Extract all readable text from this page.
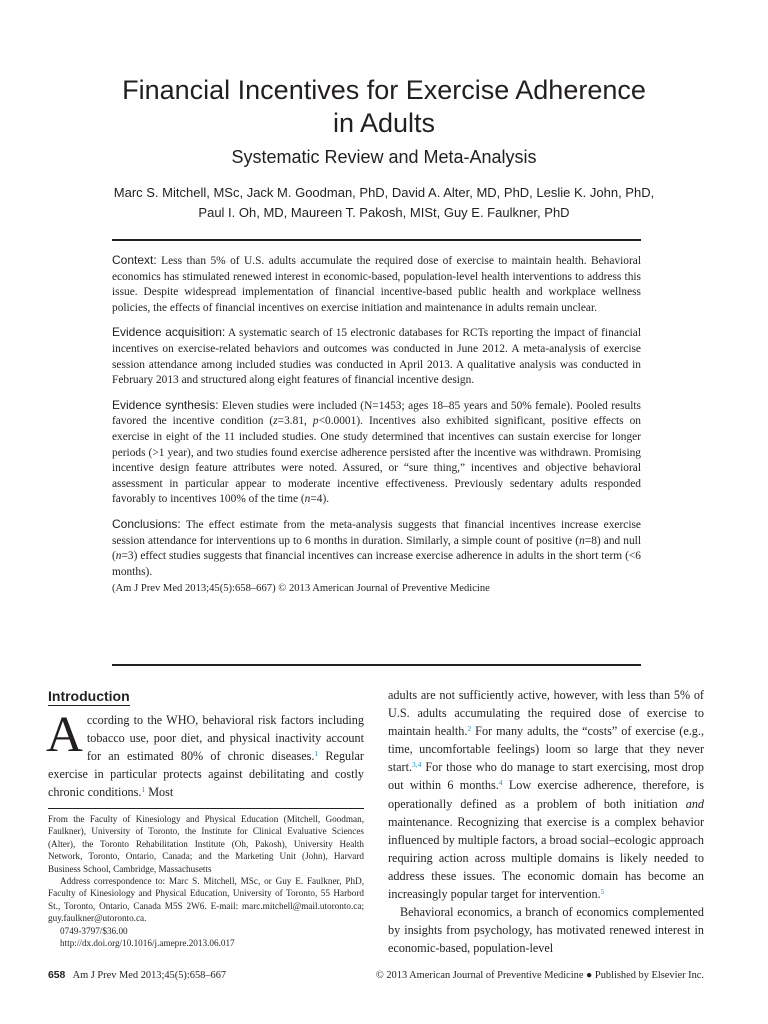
Financial Incentives for Exercise Adherence
in Adults
Systematic Review and Meta-Analysis
Marc S. Mitchell, MSc, Jack M. Goodman, PhD, David A. Alter, MD, PhD, Leslie K. John, PhD,
Paul I. Oh, MD, Maureen T. Pakosh, MISt, Guy E. Faulkner, PhD

Context: Less than 5% of U.S. adults accumulate the required dose of exercise to maintain health. Behavioral economics has stimulated renewed interest in economic-based, population-level health interventions to address this issue. Despite widespread implementation of financial incentive-based public health and workplace wellness policies, the effects of financial incentives on exercise initiation and maintenance in adults remain unclear.

Evidence acquisition: A systematic search of 15 electronic databases for RCTs reporting the impact of financial incentives on exercise-related behaviors and outcomes was conducted in June 2012. A meta-analysis of exercise session attendance among included studies was conducted in April 2013. A qualitative analysis was conducted in February 2013 and structured along eight features of financial incentive design.

Evidence synthesis: Eleven studies were included (N=1453; ages 18–85 years and 50% female). Pooled results favored the incentive condition (z=3.81, p<0.0001). Incentives also exhibited significant, positive effects on exercise in eight of the 11 included studies. One study determined that incentives can sustain exercise for longer periods (>1 year), and two studies found exercise adherence persisted after the incentive was withdrawn. Promising incentive design feature attributes were noted. Assured, or “sure thing,” incentives and objective behavioral assessment in particular appear to moderate incentive effectiveness. Previously sedentary adults responded favorably to incentives 100% of the time (n=4).

Conclusions: The effect estimate from the meta-analysis suggests that financial incentives increase exercise session attendance for interventions up to 6 months in duration. Similarly, a simple count of positive (n=8) and null (n=3) effect studies suggests that financial incentives can increase exercise adherence in adults in the short term (<6 months).

(Am J Prev Med 2013;45(5):658–667) © 2013 American Journal of Preventive Medicine

Introduction
According to the WHO, behavioral risk factors including tobacco use, poor diet, and physical inactivity account for an estimated 80% of chronic diseases.$^1$ Regular exercise in particular protects against debilitating and costly chronic conditions.$^1$ Most

From the Faculty of Kinesiology and Physical Education (Mitchell, Goodman, Faulkner), University of Toronto, the Institute for Clinical Evaluative Sciences (Alter), the Toronto Rehabilitation Institute (Oh, Pakosh), University Health Network, Toronto, Ontario, Canada; and the Marketing Unit (John), Harvard Business School, Cambridge, Massachusetts

Address correspondence to: Marc S. Mitchell, MSc, or Guy E. Faulkner, PhD, Faculty of Kinesiology and Physical Education, University of Toronto, 55 Harbord St., Toronto, Ontario, Canada M5S 2W6. E-mail: marc.mitchell@mail.utoronto.ca; guy.faulkner@utoronto.ca.

0749-3797/$36.00

http://dx.doi.org/10.1016/j.amepre.2013.06.017

adults are not sufficiently active, however, with less than 5% of U.S. adults accumulating the required dose of exercise to maintain health.$^2$ For many adults, the “costs” of exercise (e.g., time, uncomfortable feelings) loom so large that they never start.$^{3,4}$ For those who do manage to start exercising, most drop out within 6 months.$^4$ Low exercise adherence, therefore, is operationally defined as a problem of both initiation and maintenance. Recognizing that exercise is a complex behavior influenced by multiple factors, a broad social–ecologic approach requiring action across multiple domains is likely needed to address these issues. The economic domain has become an increasingly popular target for intervention.$^5$

Behavioral economics, a branch of economics complemented by insights from psychology, has motivated renewed interest in economic-based, population-level

658 Am J Prev Med 2013;45(5):658–667	© 2013 American Journal of Preventive Medicine ● Published by Elsevier Inc.
